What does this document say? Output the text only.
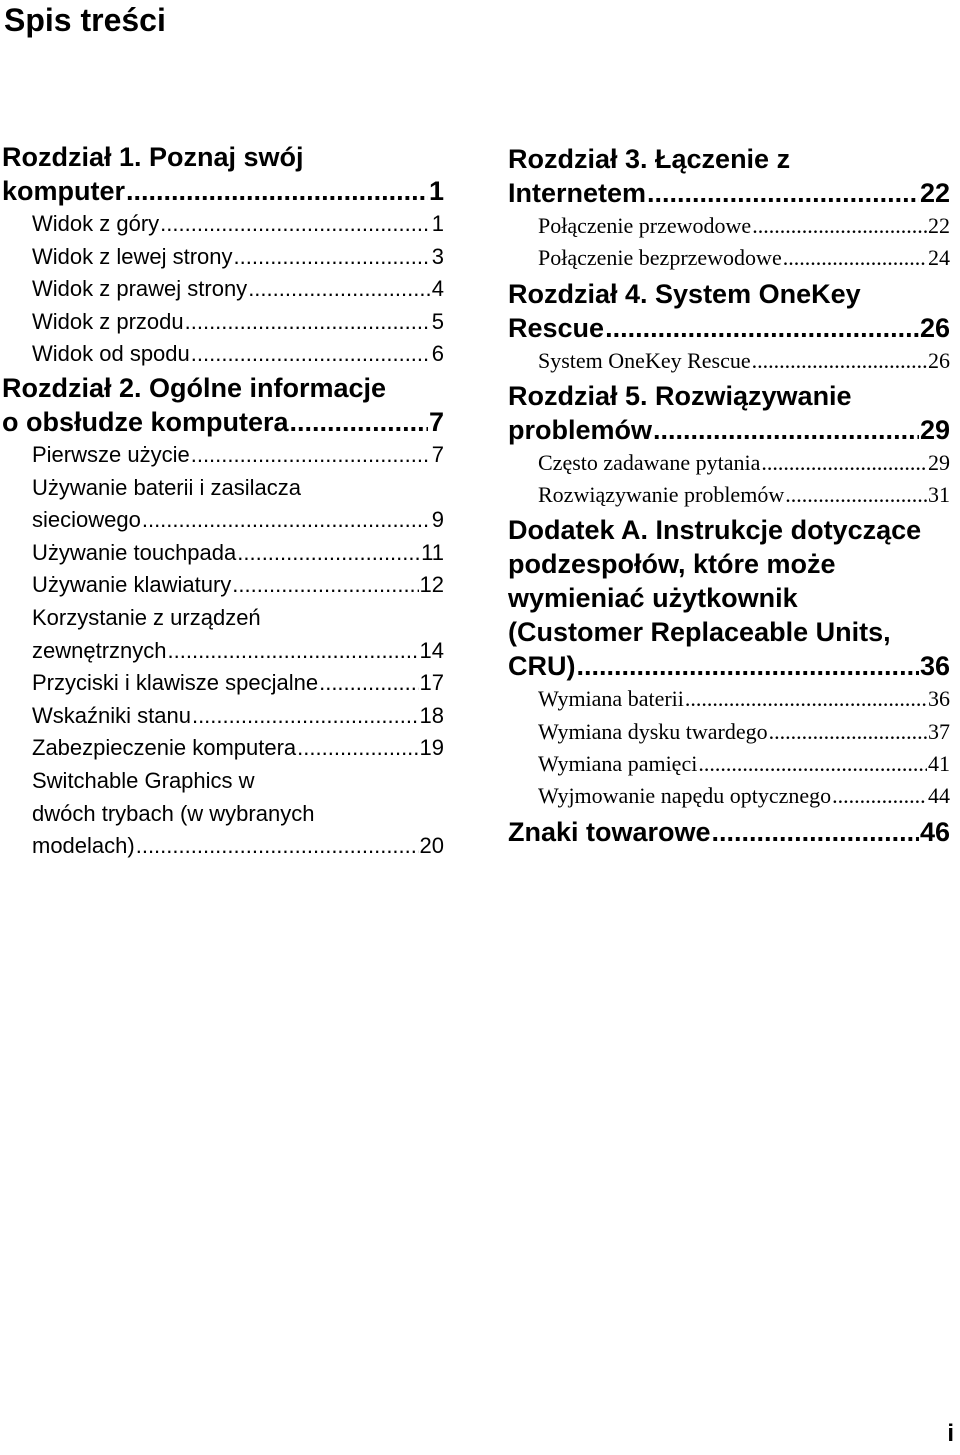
Spis treści
Rozdział 1. Poznaj swój
komputer .....	1
Widok z góry .....	1
Widok z lewej strony .....	3
Widok z prawej strony .....	4
Widok z przodu .....	5
Widok od spodu .....	6
Rozdział 2. Ogólne informacje
o obsłudze komputera .....	7
Pierwsze użycie .....	7
Używanie baterii i zasilacza
sieciowego .....	9
Używanie touchpada .....	11
Używanie klawiatury .....	12
Korzystanie z urządzeń
zewnętrznych .....	14
Przyciski i klawisze specjalne .....	17
Wskaźniki stanu .....	18
Zabezpieczenie komputera .....	19
Switchable Graphics w
dwóch trybach (w wybranych
modelach) .....	20
Rozdział 3. Łączenie z
Internetem .....	22
Połączenie przewodowe .....	22
Połączenie bezprzewodowe .....	24
Rozdział 4. System OneKey
Rescue .....	26
System OneKey Rescue .....	26
Rozdział 5. Rozwiązywanie
problemów .....	29
Często zadawane pytania .....	29
Rozwiązywanie problemów .....	31
Dodatek A. Instrukcje dotyczące
podzespołów, które może
wymieniać użytkownik
(Customer Replaceable Units,
CRU) .....	36
Wymiana baterii .....	36
Wymiana dysku twardego .....	37
Wymiana pamięci .....	41
Wyjmowanie napędu optycznego .....	44
Znaki towarowe .....	46
i
